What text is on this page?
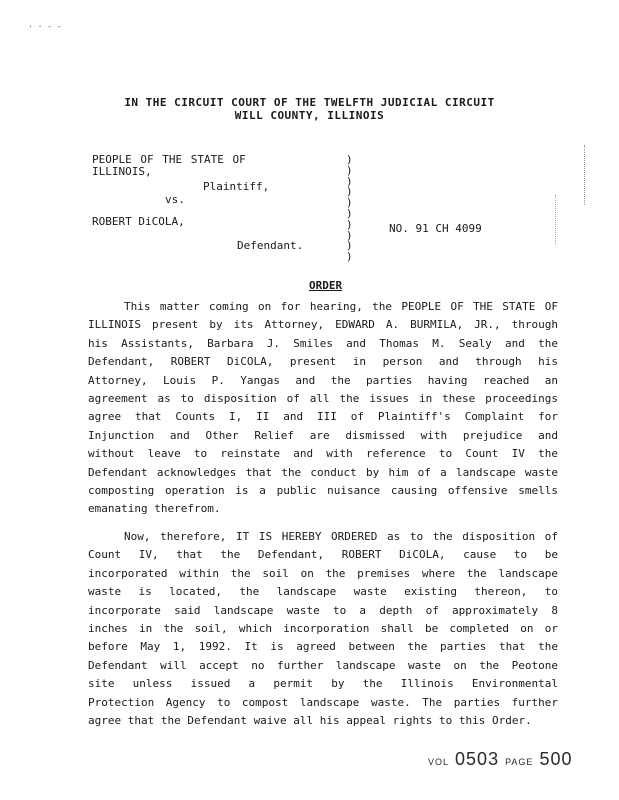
· · - -
IN THE CIRCUIT COURT OF THE TWELFTH JUDICIAL CIRCUIT
WILL COUNTY, ILLINOIS
PEOPLE OF THE STATE OF
ILLINOIS,
Plaintiff,
vs.
ROBERT DiCOLA,
Defendant.
)
)
)
)
)
)
)
)
)
)
NO. 91 CH 4099
ORDER
This matter coming on for hearing, the PEOPLE OF THE STATE OF
ILLINOIS present by its Attorney, EDWARD A. BURMILA, JR., through
his Assistants, Barbara J. Smiles and Thomas M. Sealy and the
Defendant, ROBERT DiCOLA, present in person and through his
Attorney, Louis P. Yangas and the parties having reached an
agreement as to disposition of all the issues in these proceedings
agree that Counts I, II and III of Plaintiff's Complaint for
Injunction and Other Relief are dismissed with prejudice and
without leave to reinstate and with reference to Count IV the
Defendant acknowledges that the conduct by him of a landscape waste
composting operation is a public nuisance causing offensive smells
emanating therefrom.
Now, therefore, IT IS HEREBY ORDERED as to the disposition of
Count IV, that the Defendant, ROBERT DiCOLA, cause to be
incorporated within the soil on the premises where the landscape
waste is located, the landscape waste existing thereon, to
incorporate said landscape waste to a depth of approximately 8
inches in the soil, which incorporation shall be completed on or
before May 1, 1992. It is agreed between the parties that the
Defendant will accept no further landscape waste on the Peotone
site unless issued a permit by the Illinois Environmental
Protection Agency to compost landscape waste. The parties further
agree that the Defendant waive all his appeal rights to this Order.
VOL 0503 PAGE 500
